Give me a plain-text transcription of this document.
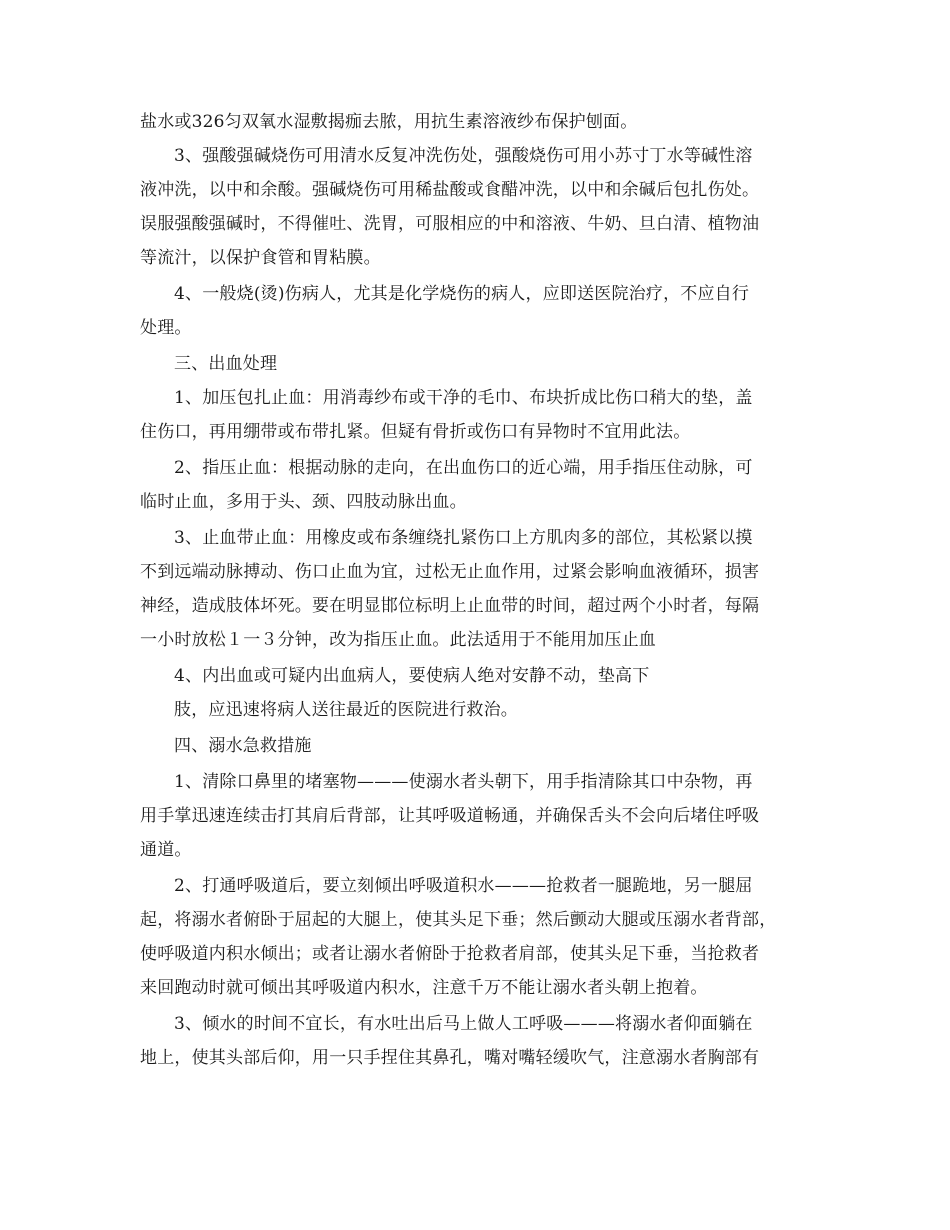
盐水或326匀双氧水湿敷揭痂去脓，用抗生素溶液纱布保护刨面。
3、强酸强碱烧伤可用清水反复冲洗伤处，强酸烧伤可用小苏寸丁水等碱性溶
液冲洗，以中和余酸。强碱烧伤可用稀盐酸或食醋冲洗，以中和余碱后包扎伤处。
误服强酸强碱时，不得催吐、洗胃，可服相应的中和溶液、牛奶、旦白清、植物油
等流汁，以保护食管和胃粘膜。
4、一般烧(烫)伤病人，尤其是化学烧伤的病人，应即送医院治疗，不应自行
处理。
三、出血处理
1、加压包扎止血：用消毒纱布或干净的毛巾、布块折成比伤口稍大的垫，盖
住伤口，再用绷带或布带扎紧。但疑有骨折或伤口有异物时不宜用此法。
2、指压止血：根据动脉的走向，在出血伤口的近心端，用手指压住动脉，可
临时止血，多用于头、颈、四肢动脉出血。
3、止血带止血：用橡皮或布条缠绕扎紧伤口上方肌肉多的部位，其松紧以摸
不到远端动脉搏动、伤口止血为宜，过松无止血作用，过紧会影响血液循环，损害
神经，造成肢体坏死。要在明显邯位标明上止血带的时间，超过两个小时者，每隔
一小时放松１一３分钟，改为指压止血。此法适用于不能用加压止血
4、内出血或可疑内出血病人，要使病人绝对安静不动，垫高下
肢，应迅速将病人送往最近的医院进行救治。
四、溺水急救措施
1、清除口鼻里的堵塞物———使溺水者头朝下，用手指清除其口中杂物，再
用手掌迅速连续击打其肩后背部，让其呼吸道畅通，并确保舌头不会向后堵住呼吸
通道。
2、打通呼吸道后，要立刻倾出呼吸道积水———抢救者一腿跪地，另一腿屈
起，将溺水者俯卧于屈起的大腿上，使其头足下垂；然后颤动大腿或压溺水者背部，
使呼吸道内积水倾出；或者让溺水者俯卧于抢救者肩部，使其头足下垂，当抢救者
来回跑动时就可倾出其呼吸道内积水，注意千万不能让溺水者头朝上抱着。
3、倾水的时间不宜长，有水吐出后马上做人工呼吸———将溺水者仰面躺在
地上，使其头部后仰，用一只手捏住其鼻孔，嘴对嘴轻缓吹气，注意溺水者胸部有
